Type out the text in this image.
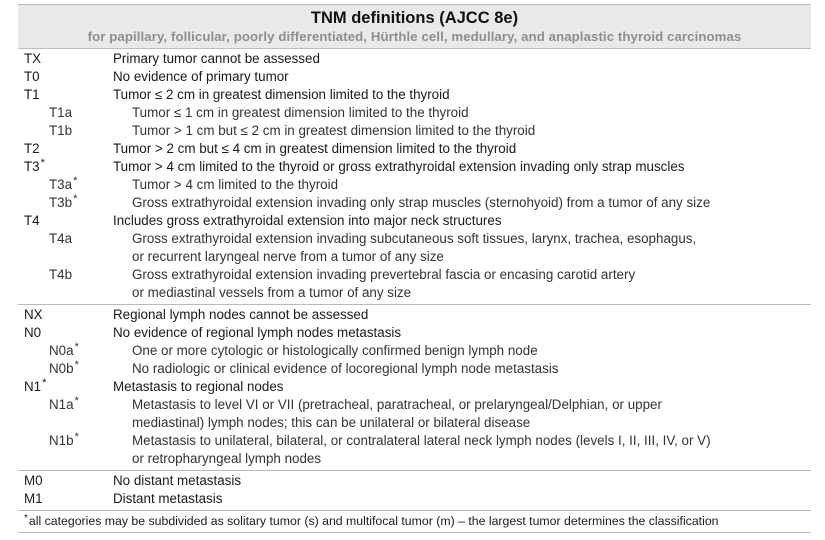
TNM definitions (AJCC 8e)
for papillary, follicular, poorly differentiated, Hürthle cell, medullary, and anaplastic thyroid carcinomas
TX	Primary tumor cannot be assessed
T0	No evidence of primary tumor
T1	Tumor ≤ 2 cm in greatest dimension limited to the thyroid
T1a	Tumor ≤ 1 cm in greatest dimension limited to the thyroid
T1b	Tumor > 1 cm but ≤ 2 cm in greatest dimension limited to the thyroid
T2	Tumor > 2 cm but ≤ 4 cm in greatest dimension limited to the thyroid
T3*	Tumor > 4 cm limited to the thyroid or gross extrathyroidal extension invading only strap muscles
T3a*	Tumor > 4 cm limited to the thyroid
T3b*	Gross extrathyroidal extension invading only strap muscles (sternohyoid) from a tumor of any size
T4	Includes gross extrathyroidal extension into major neck structures
T4a	Gross extrathyroidal extension invading subcutaneous soft tissues, larynx, trachea, esophagus,
or recurrent laryngeal nerve from a tumor of any size
T4b	Gross extrathyroidal extension invading prevertebral fascia or encasing carotid artery
or mediastinal vessels from a tumor of any size
NX	Regional lymph nodes cannot be assessed
N0	No evidence of regional lymph nodes metastasis
N0a*	One or more cytologic or histologically confirmed benign lymph node
N0b*	No radiologic or clinical evidence of locoregional lymph node metastasis
N1*	Metastasis to regional nodes
N1a*	Metastasis to level VI or VII (pretracheal, paratracheal, or prelaryngeal/Delphian, or upper
mediastinal) lymph nodes; this can be unilateral or bilateral disease
N1b*	Metastasis to unilateral, bilateral, or contralateral lateral neck lymph nodes (levels I, II, III, IV, or V)
or retropharyngeal lymph nodes
M0	No distant metastasis
M1	Distant metastasis
*all categories may be subdivided as solitary tumor (s) and multifocal tumor (m) – the largest tumor determines the classification
